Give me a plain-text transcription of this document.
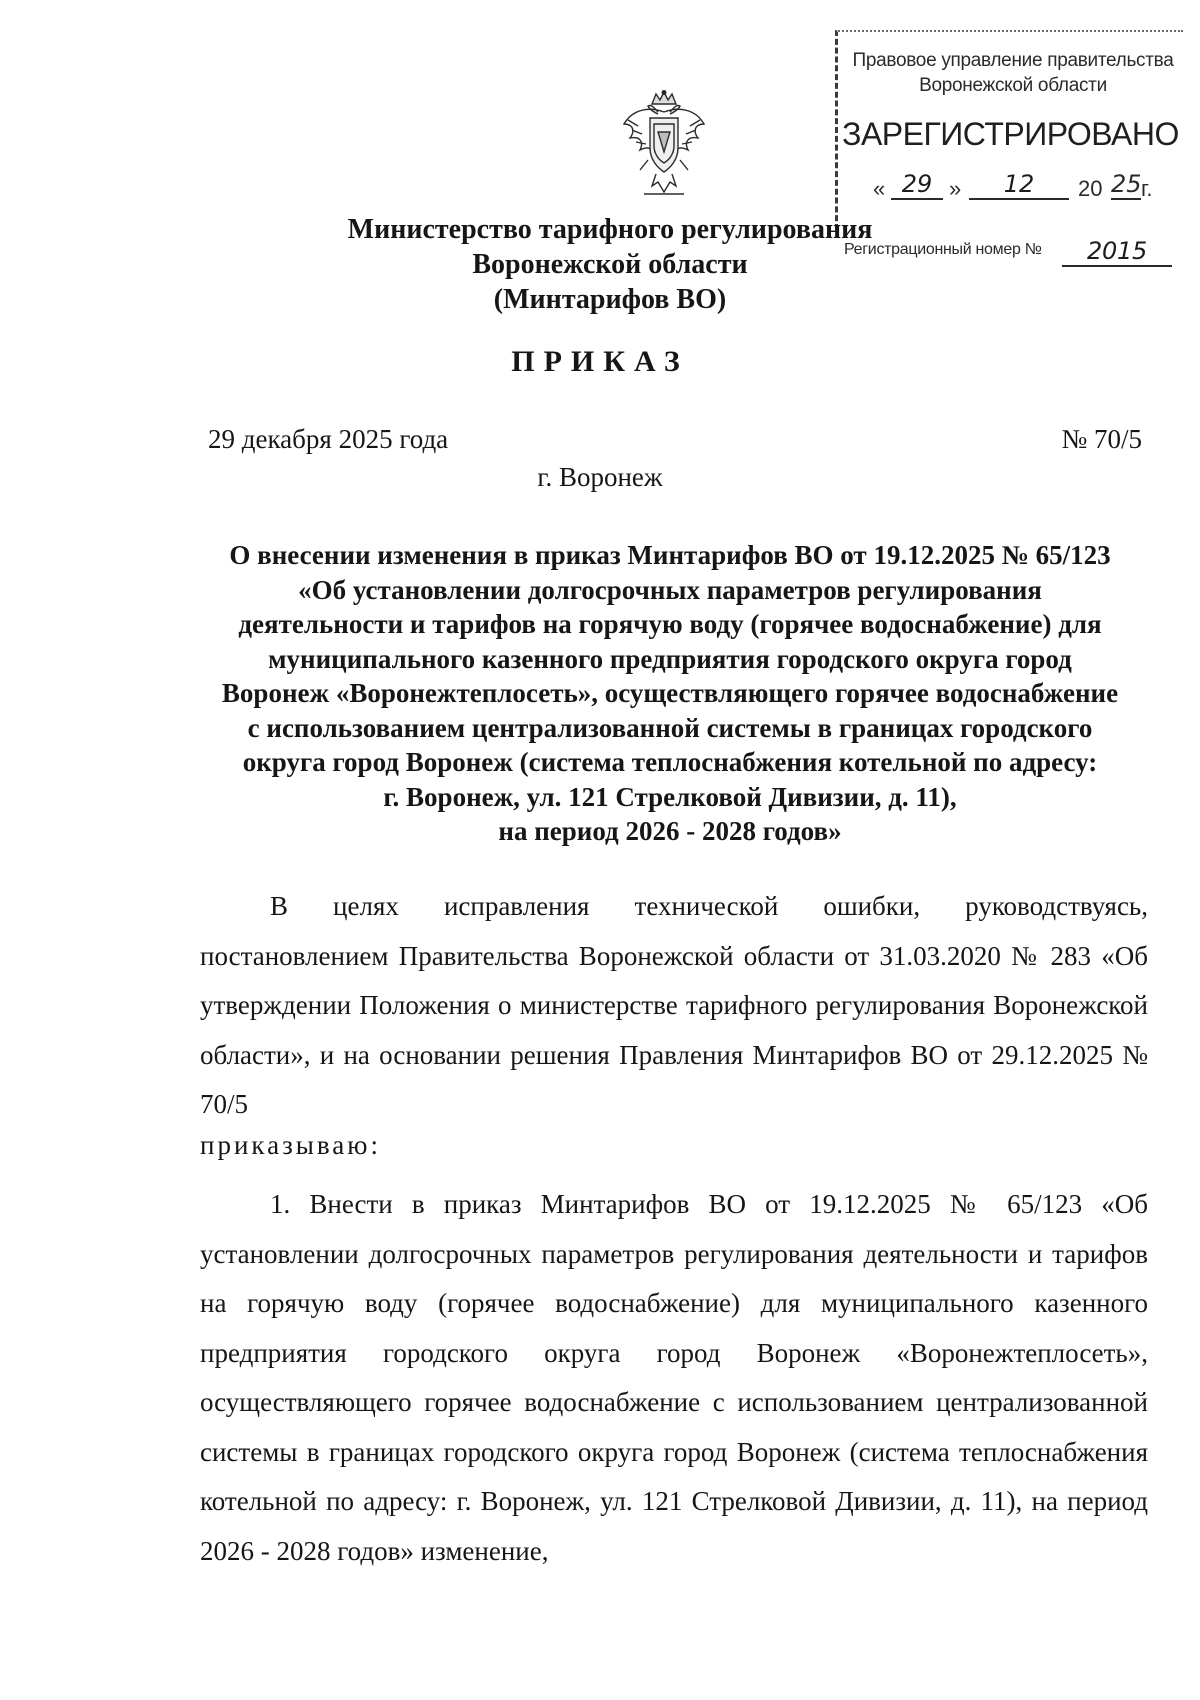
Правовое управление правительства
Воронежской области
ЗАРЕГИСТРИРОВАНО
« 29 »	12	20 25 г.
Регистрационный номер №	2015
Министерство тарифного регулирования
Воронежской области
(Минтарифов ВО)
ПРИКАЗ
29 декабря 2025 года	№ 70/5
г. Воронеж
О внесении изменения в приказ Минтарифов ВО от 19.12.2025 № 65/123
«Об установлении долгосрочных параметров регулирования
деятельности и тарифов на горячую воду (горячее водоснабжение) для
муниципального казенного предприятия городского округа город
Воронеж «Воронежтеплосеть», осуществляющего горячее водоснабжение
с использованием централизованной системы в границах городского
округа город Воронеж (система теплоснабжения котельной по адресу:
г. Воронеж, ул. 121 Стрелковой Дивизии, д. 11),
на период 2026 - 2028 годов»
В целях исправления технической ошибки, руководствуясь, постановлением Правительства Воронежской области от 31.03.2020 № 283 «Об утверждении Положения о министерстве тарифного регулирования Воронежской области», и на основании решения Правления Минтарифов ВО от 29.12.2025 № 70/5
приказываю:
1. Внести в приказ Минтарифов ВО от 19.12.2025 № 65/123 «Об установлении долгосрочных параметров регулирования деятельности и тарифов на горячую воду (горячее водоснабжение) для муниципального казенного предприятия городского округа город Воронеж «Воронежтеплосеть», осуществляющего горячее водоснабжение с использованием централизованной системы в границах городского округа город Воронеж (система теплоснабжения котельной по адресу: г. Воронеж, ул. 121 Стрелковой Дивизии, д. 11), на период 2026 - 2028 годов» изменение,
